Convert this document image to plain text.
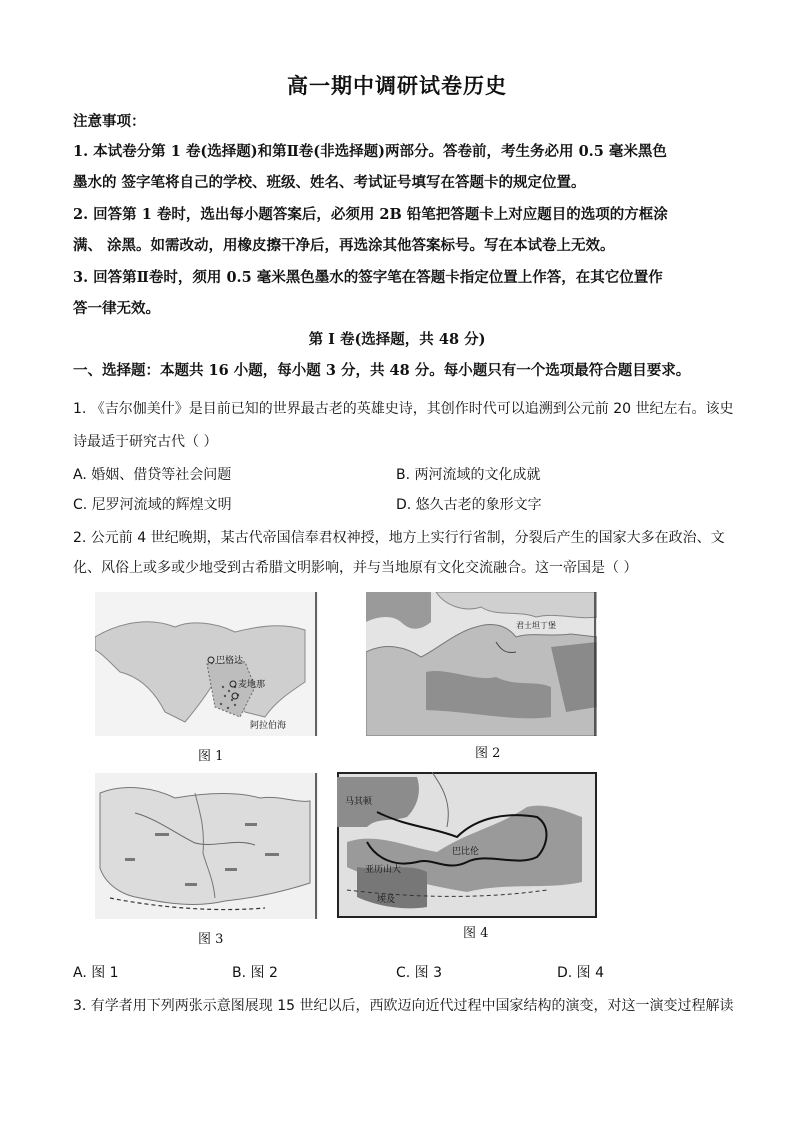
高一期中调研试卷历史
注意事项：
1. 本试卷分第 1 卷(选择题)和第Ⅱ卷(非选择题)两部分。答卷前，考生务必用 0.5 毫米黑色
墨水的 签字笔将自己的学校、班级、姓名、考试证号填写在答题卡的规定位置。
2. 回答第 1 卷时，选出每小题答案后，必须用 2B 铅笔把答题卡上对应题目的选项的方框涂
满、 涂黑。如需改动，用橡皮擦干净后，再选涂其他答案标号。写在本试卷上无效。
3. 回答第Ⅱ卷时，须用 0.5 毫米黑色墨水的签字笔在答题卡指定位置上作答，在其它位置作
答一律无效。
第 I 卷(选择题，共 48 分)
一、选择题：本题共 16 小题，每小题 3 分，共 48 分。每小题只有一个选项最符合题目要求。
1. 《吉尔伽美什》是目前已知的世界最古老的英雄史诗，其创作时代可以追溯到公元前 20 世纪左右。该史
诗最适于研究古代（ ）
A. 婚姻、借贷等社会问题	B. 两河流域的文化成就
C. 尼罗河流域的辉煌文明	D. 悠久古老的象形文字
2. 公元前 4 世纪晚期，某古代帝国信奉君权神授，地方上实行行省制，分裂后产生的国家大多在政治、文
化、风俗上或多或少地受到古希腊文明影响，并与当地原有文化交流融合。这一帝国是（ ）
巴格达
麦地那
阿拉伯海
图 1
君士坦丁堡
图 2
图 3
马其顿
亚历山大
巴比伦
埃及
图 4
A. 图 1	B. 图 2	C. 图 3	D. 图 4
3. 有学者用下列两张示意图展现 15 世纪以后，西欧迈向近代过程中国家结构的演变，对这一演变过程解读
